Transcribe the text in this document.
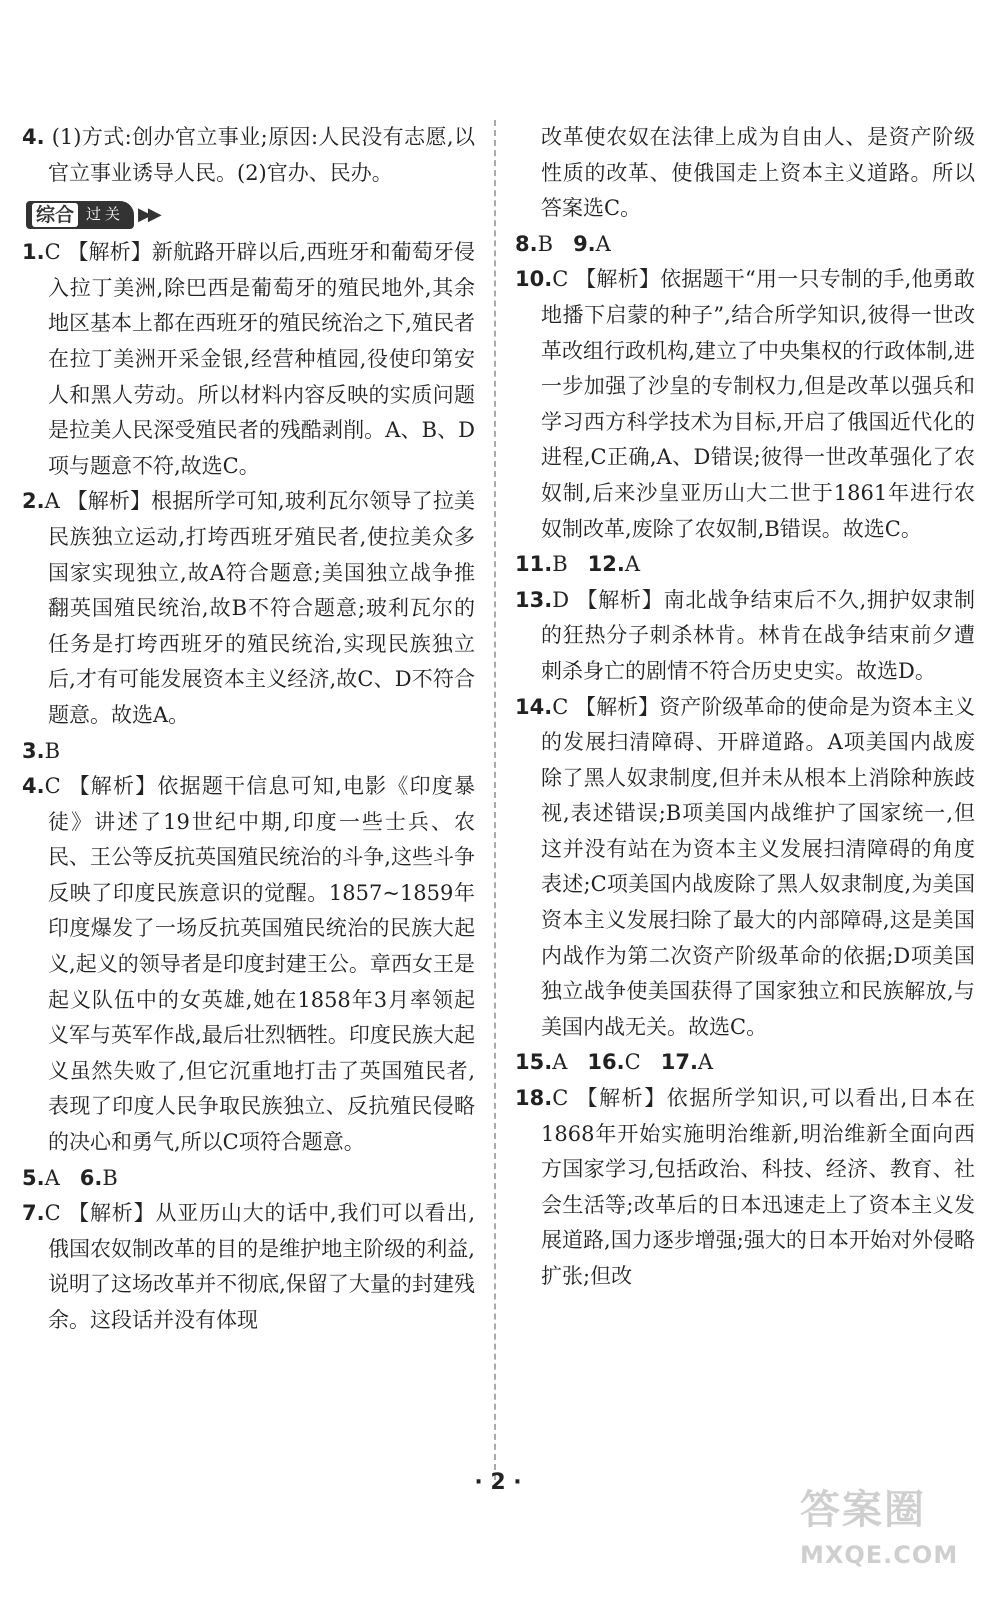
4. (1)方式:创办官立事业;原因:人民没有志愿,以官立事业诱导人民。(2)官办、民办。

综合 过关 ▶▶

1.C 【解析】新航路开辟以后,西班牙和葡萄牙侵入拉丁美洲,除巴西是葡萄牙的殖民地外,其余地区基本上都在西班牙的殖民统治之下,殖民者在拉丁美洲开采金银,经营种植园,役使印第安人和黑人劳动。所以材料内容反映的实质问题是拉美人民深受殖民者的残酷剥削。A、B、D项与题意不符,故选C。

2.A 【解析】根据所学可知,玻利瓦尔领导了拉美民族独立运动,打垮西班牙殖民者,使拉美众多国家实现独立,故A符合题意;美国独立战争推翻英国殖民统治,故B不符合题意;玻利瓦尔的任务是打垮西班牙的殖民统治,实现民族独立后,才有可能发展资本主义经济,故C、D不符合题意。故选A。

3.B

4.C 【解析】依据题干信息可知,电影《印度暴徒》讲述了19世纪中期,印度一些士兵、农民、王公等反抗英国殖民统治的斗争,这些斗争反映了印度民族意识的觉醒。1857~1859年印度爆发了一场反抗英国殖民统治的民族大起义,起义的领导者是印度封建王公。章西女王是起义队伍中的女英雄,她在1858年3月率领起义军与英军作战,最后壮烈牺牲。印度民族大起义虽然失败了,但它沉重地打击了英国殖民者,表现了印度人民争取民族独立、反抗殖民侵略的决心和勇气,所以C项符合题意。

5.A 6.B

7.C 【解析】从亚历山大的话中,我们可以看出,俄国农奴制改革的目的是维护地主阶级的利益,说明了这场改革并不彻底,保留了大量的封建残余。这段话并没有体现

改革使农奴在法律上成为自由人、是资产阶级性质的改革、使俄国走上资本主义道路。所以答案选C。

8.B 9.A

10.C 【解析】依据题干“用一只专制的手,他勇敢地播下启蒙的种子”,结合所学知识,彼得一世改革改组行政机构,建立了中央集权的行政体制,进一步加强了沙皇的专制权力,但是改革以强兵和学习西方科学技术为目标,开启了俄国近代化的进程,C正确,A、D错误;彼得一世改革强化了农奴制,后来沙皇亚历山大二世于1861年进行农奴制改革,废除了农奴制,B错误。故选C。

11.B 12.A

13.D 【解析】南北战争结束后不久,拥护奴隶制的狂热分子刺杀林肯。林肯在战争结束前夕遭刺杀身亡的剧情不符合历史史实。故选D。

14.C 【解析】资产阶级革命的使命是为资本主义的发展扫清障碍、开辟道路。A项美国内战废除了黑人奴隶制度,但并未从根本上消除种族歧视,表述错误;B项美国内战维护了国家统一,但这并没有站在为资本主义发展扫清障碍的角度表述;C项美国内战废除了黑人奴隶制度,为美国资本主义发展扫除了最大的内部障碍,这是美国内战作为第二次资产阶级革命的依据;D项美国独立战争使美国获得了国家独立和民族解放,与美国内战无关。故选C。

15.A 16.C 17.A

18.C 【解析】依据所学知识,可以看出,日本在1868年开始实施明治维新,明治维新全面向西方国家学习,包括政治、科技、经济、教育、社会生活等;改革后的日本迅速走上了资本主义发展道路,国力逐步增强;强大的日本开始对外侵略扩张;但改

· 2 ·
答案圈
MXQE.COM
